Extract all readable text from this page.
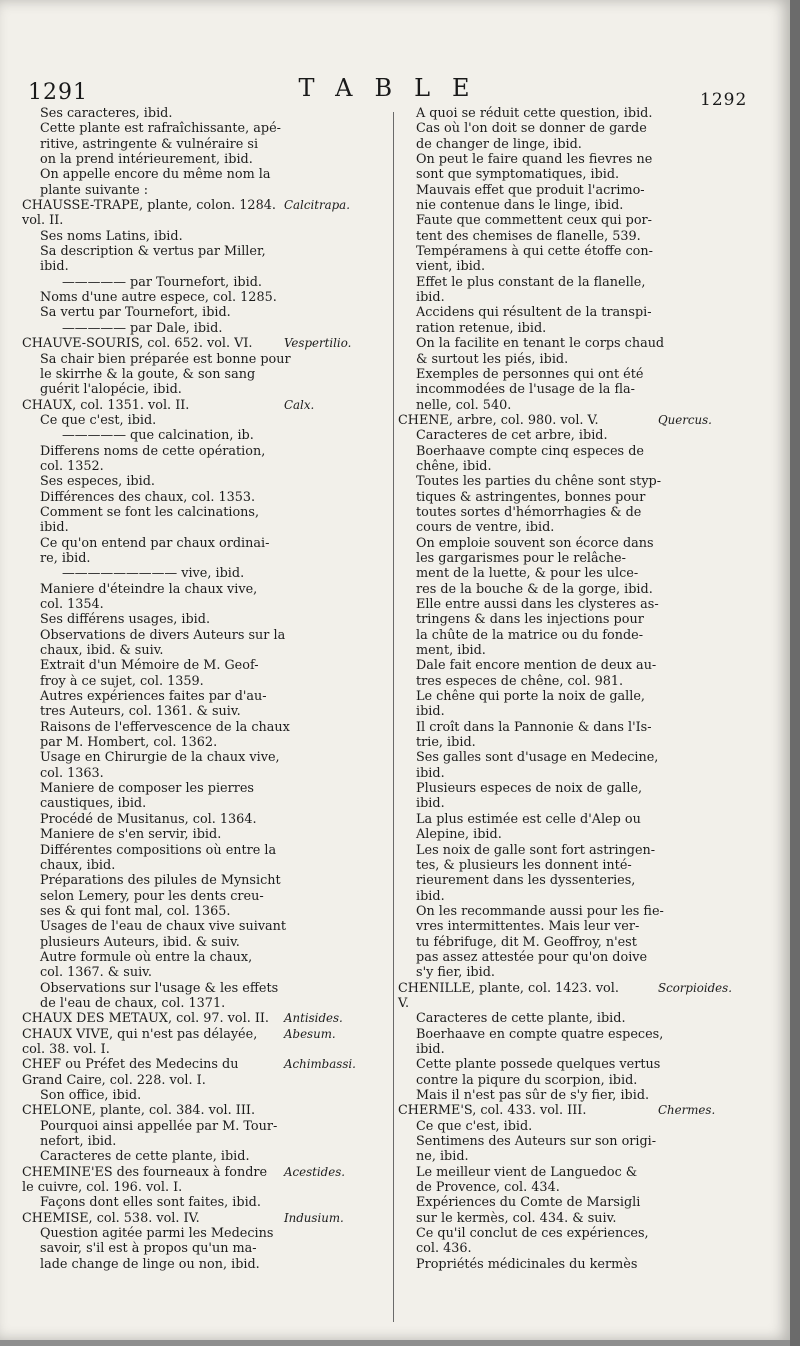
1291	TABLE	1292
Ses caracteres, ibid.
Cette plante est rafraîchissante, apé-
ritive, astringente & vulnéraire si
on la prend intérieurement, ibid.
On appelle encore du même nom la
plante suivante :
CHAUSSE-TRAPE, plante, colon. 1284. Calcitrapa.
vol. II.
Ses noms Latins, ibid.
Sa description & vertus par Miller,
ibid.
————— par Tournefort, ibid.
Noms d'une autre espece, col. 1285.
Sa vertu par Tournefort, ibid.
————— par Dale, ibid.
CHAUVE-SOURIS, col. 652. vol. VI.	Vespertilio.
Sa chair bien préparée est bonne pour
le skirrhe & la goute, & son sang
guérit l'alopécie, ibid.
CHAUX, col. 1351. vol. II.	Calx.
Ce que c'est, ibid.
————— que calcination, ib.
Differens noms de cette opération,
col. 1352.
Ses especes, ibid.
Différences des chaux, col. 1353.
Comment se font les calcinations,
ibid.
Ce qu'on entend par chaux ordinai-
re, ibid.
————————— vive, ibid.
Maniere d'éteindre la chaux vive,
col. 1354.
Ses différens usages, ibid.
Observations de divers Auteurs sur la
chaux, ibid. & suiv.
Extrait d'un Mémoire de M. Geof-
froy à ce sujet, col. 1359.
Autres expériences faites par d'au-
tres Auteurs, col. 1361. & suiv.
Raisons de l'effervescence de la chaux
par M. Hombert, col. 1362.
Usage en Chirurgie de la chaux vive,
col. 1363.
Maniere de composer les pierres
caustiques, ibid.
Procédé de Musitanus, col. 1364.
Maniere de s'en servir, ibid.
Différentes compositions où entre la
chaux, ibid.
Préparations des pilules de Mynsicht
selon Lemery, pour les dents creu-
ses & qui font mal, col. 1365.
Usages de l'eau de chaux vive suivant
plusieurs Auteurs, ibid. & suiv.
Autre formule où entre la chaux,
col. 1367. & suiv.
Observations sur l'usage & les effets
de l'eau de chaux, col. 1371.
CHAUX DES METAUX, col. 97. vol. II. Antisides.
CHAUX VIVE, qui n'est pas délayée, Abesum.
col. 38. vol. I.
CHEF ou Préfet des Medecins du	Achimbassi.
Grand Caire, col. 228. vol. I.
Son office, ibid.
CHELONE, plante, col. 384. vol. III.
Pourquoi ainsi appellée par M. Tour-
nefort, ibid.
Caracteres de cette plante, ibid.
CHEMINE'ES des fourneaux à fondre Acestides.
le cuivre, col. 196. vol. I.
Façons dont elles sont faites, ibid.
CHEMISE, col. 538. vol. IV.	Indusium.
Question agitée parmi les Medecins
savoir, s'il est à propos qu'un ma-
lade change de linge ou non, ibid.
A quoi se réduit cette question, ibid.
Cas où l'on doit se donner de garde
de changer de linge, ibid.
On peut le faire quand les fievres ne
sont que symptomatiques, ibid.
Mauvais effet que produit l'acrimo-
nie contenue dans le linge, ibid.
Faute que commettent ceux qui por-
tent des chemises de flanelle, 539.
Tempéramens à qui cette étoffe con-
vient, ibid.
Effet le plus constant de la flanelle,
ibid.
Accidens qui résultent de la transpi-
ration retenue, ibid.
On la facilite en tenant le corps chaud
& surtout les piés, ibid.
Exemples de personnes qui ont été
incommodées de l'usage de la fla-
nelle, col. 540.
CHENE, arbre, col. 980. vol. V.	Quercus.
Caracteres de cet arbre, ibid.
Boerhaave compte cinq especes de
chêne, ibid.
Toutes les parties du chêne sont styp-
tiques & astringentes, bonnes pour
toutes sortes d'hémorrhagies & de
cours de ventre, ibid.
On emploie souvent son écorce dans
les gargarismes pour le relâche-
ment de la luette, & pour les ulce-
res de la bouche & de la gorge, ibid.
Elle entre aussi dans les clysteres as-
tringens & dans les injections pour
la chûte de la matrice ou du fonde-
ment, ibid.
Dale fait encore mention de deux au-
tres especes de chêne, col. 981.
Le chêne qui porte la noix de galle,
ibid.
Il croît dans la Pannonie & dans l'Is-
trie, ibid.
Ses galles sont d'usage en Medecine,
ibid.
Plusieurs especes de noix de galle,
ibid.
La plus estimée est celle d'Alep ou
Alepine, ibid.
Les noix de galle sont fort astringen-
tes, & plusieurs les donnent inté-
rieurement dans les dyssenteries,
ibid.
On les recommande aussi pour les fie-
vres intermittentes. Mais leur ver-
tu fébrifuge, dit M. Geoffroy, n'est
pas assez attestée pour qu'on doive
s'y fier, ibid.
CHENILLE, plante, col. 1423. vol.	Scorpioides.
V.
Caracteres de cette plante, ibid.
Boerhaave en compte quatre especes,
ibid.
Cette plante possede quelques vertus
contre la piqure du scorpion, ibid.
Mais il n'est pas sûr de s'y fier, ibid.
CHERME'S, col. 433. vol. III.	Chermes.
Ce que c'est, ibid.
Sentimens des Auteurs sur son origi-
ne, ibid.
Le meilleur vient de Languedoc &
de Provence, col. 434.
Expériences du Comte de Marsigli
sur le kermès, col. 434. & suiv.
Ce qu'il conclut de ces expériences,
col. 436.
Propriétés médicinales du kermès
